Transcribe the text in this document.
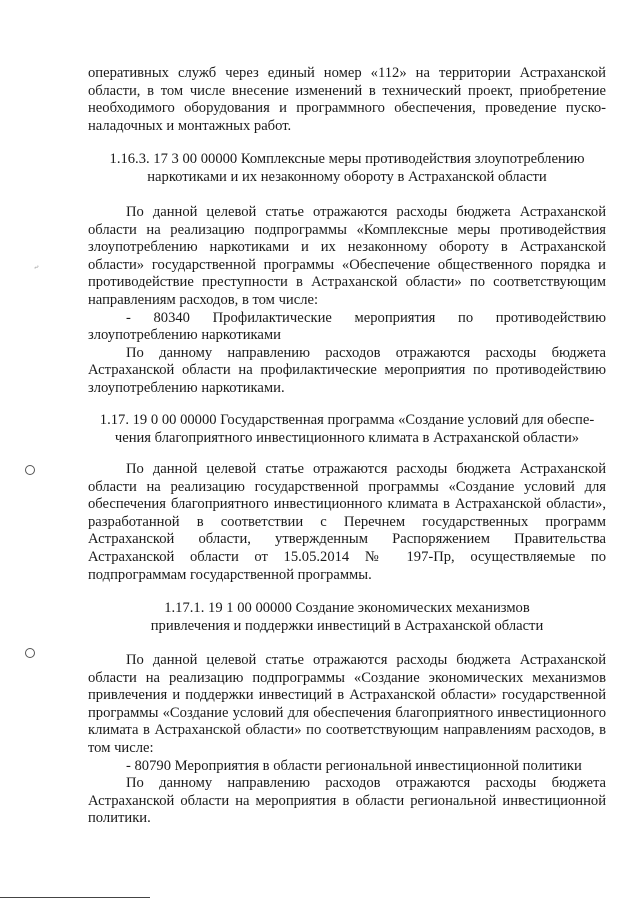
~

оперативных служб через единый номер «112» на территории Астраханской области, в том числе внесение изменений в технический проект, приобретение необходимого оборудования и программного обеспечения, проведение пуско-наладочных и монтажных работ.

1.16.3. 17 3 00 00000 Комплексные меры противодействия злоупотреблению

наркотиками и их незаконному обороту в Астраханской области

По данной целевой статье отражаются расходы бюджета Астраханской области на реализацию подпрограммы «Комплексные меры противодействия злоупотреблению наркотиками и их незаконному обороту в Астраханской области» государственной программы «Обеспечение общественного порядка и противодействие преступности в Астраханской области» по соответствующим направлениям расходов, в том числе:

- 80340 Профилактические мероприятия по противодействию злоупотреблению наркотиками

По данному направлению расходов отражаются расходы бюджета Астраханской области на профилактические мероприятия по противодействию злоупотреблению наркотиками.

1.17. 19 0 00 00000 Государственная программа «Создание условий для обеспе-

чения благоприятного инвестиционного климата в Астраханской области»

По данной целевой статье отражаются расходы бюджета Астраханской области на реализацию государственной программы «Создание условий для обеспечения благоприятного инвестиционного климата в Астраханской области», разработанной в соответствии с Перечнем государственных программ Астраханской области, утвержденным Распоряжением Правительства Астраханской области от 15.05.2014 № 197-Пр, осуществляемые по подпрограммам государственной программы.

1.17.1. 19 1 00 00000 Создание экономических механизмов

привлечения и поддержки инвестиций в Астраханской области

По данной целевой статье отражаются расходы бюджета Астраханской области на реализацию подпрограммы «Создание экономических механизмов привлечения и поддержки инвестиций в Астраханской области» государственной программы «Создание условий для обеспечения благоприятного инвестиционного климата в Астраханской области» по соответствующим направлениям расходов, в том числе:

- 80790 Мероприятия в области региональной инвестиционной политики

По данному направлению расходов отражаются расходы бюджета Астраханской области на мероприятия в области региональной инвестиционной политики.
